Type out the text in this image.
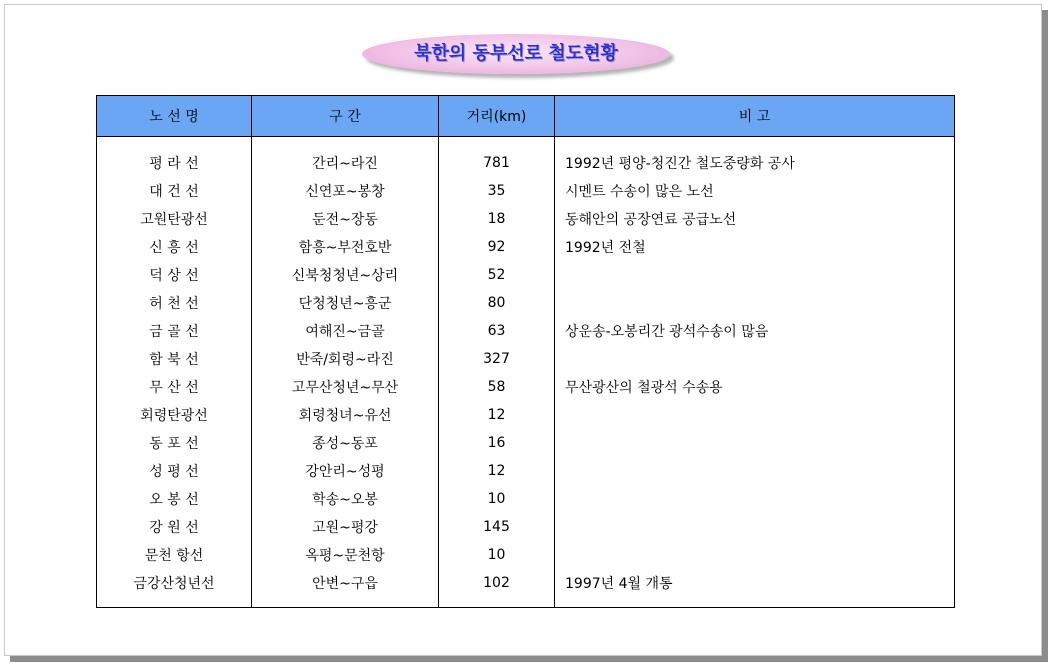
북한의 동부선로 철도현황
노 선 명	구 간	거리(km)	비 고

평 라 선	간리~라진	781	1992년 평양-청진간 철도중량화 공사
대 건 선	신연포~봉창	35	시멘트 수송이 많은 노선
고원탄광선	둔전~장동	18	동해안의 공장연료 공급노선
신 흥 선	함흥~부전호반	92	1992년 전철
덕 상 선	신북청청년~상리	52	
허 천 선	단청청년~흥군	80	
금 골 선	여해진~금골	63	상운송-오봉리간 광석수송이 많음
함 북 선	반죽/회령~라진	327	
무 산 선	고무산청년~무산	58	무산광산의 철광석 수송용
회령탄광선	회령청녀~유선	12	
동 포 선	종성~동포	16	
성 평 선	강안리~성평	12	
오 봉 선	학송~오봉	10	
강 원 선	고원~평강	145	
문천 항선	옥평~문천항	10	
금강산청년선	안변~구읍	102	1997년 4월 개통
